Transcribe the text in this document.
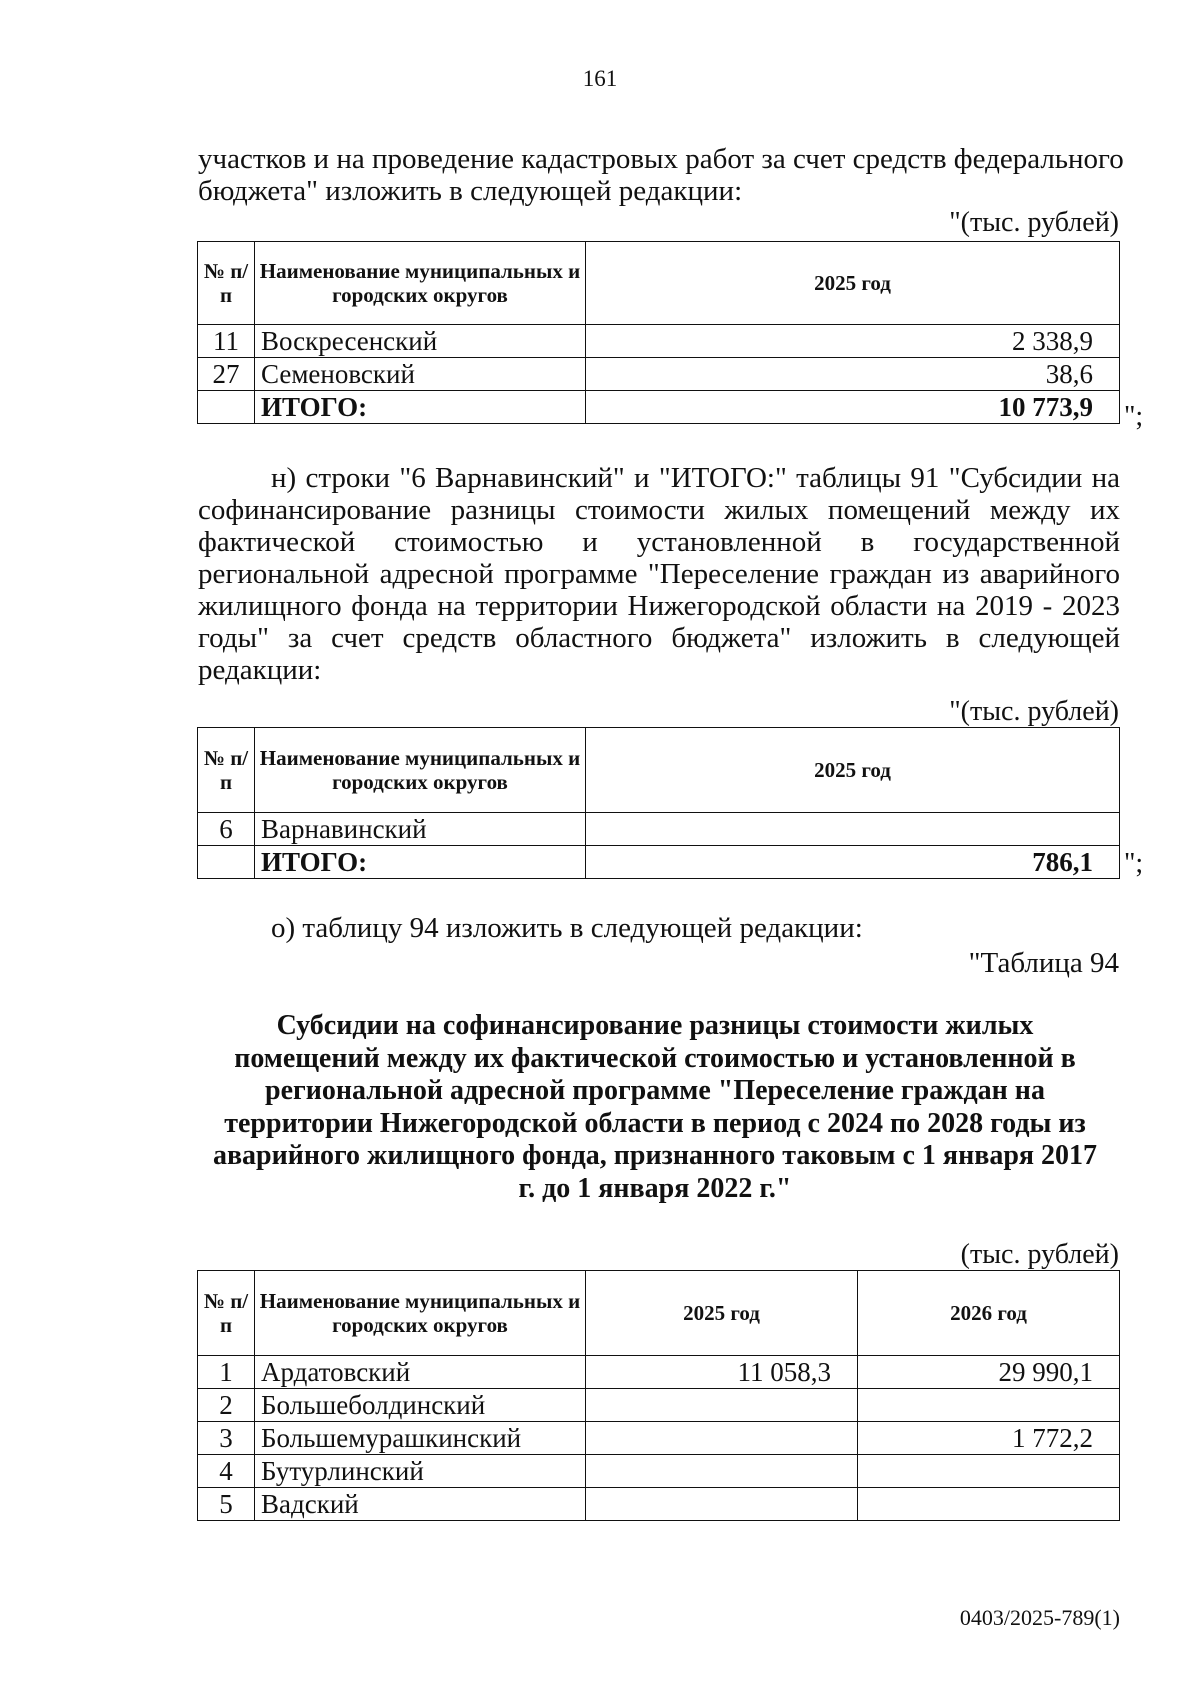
161
участков и на проведение кадастровых работ за счет средств федерального
бюджета" изложить в следующей редакции:
"(тыс. рублей)
№ п/п	Наименование муниципальных и городских округов	2025 год
11	Воскресенский	2 338,9
27	Семеновский	38,6
	ИТОГО:	10 773,9 ";
н) строки "6 Варнавинский" и "ИТОГО:" таблицы 91 "Субсидии на
софинансирование разницы стоимости жилых помещений между их
фактической стоимостью и установленной в государственной
региональной адресной программе "Переселение граждан из аварийного
жилищного фонда на территории Нижегородской области на 2019 - 2023
годы" за счет средств областного бюджета" изложить в следующей
редакции:
"(тыс. рублей)
№ п/п	Наименование муниципальных и городских округов	2025 год
6	Варнавинский	
	ИТОГО:	786,1 ";
о) таблицу 94 изложить в следующей редакции:
"Таблица 94
Субсидии на софинансирование разницы стоимости жилых
помещений между их фактической стоимостью и установленной в
региональной адресной программе "Переселение граждан на
территории Нижегородской области в период с 2024 по 2028 годы из
аварийного жилищного фонда, признанного таковым с 1 января 2017
г. до 1 января 2022 г."
(тыс. рублей)
№ п/п	Наименование муниципальных и городских округов	2025 год	2026 год
1	Ардатовский	11 058,3	29 990,1
2	Большеболдинский		
3	Большемурашкинский		1 772,2
4	Бутурлинский		
5	Вадский		
0403/2025-789(1)
